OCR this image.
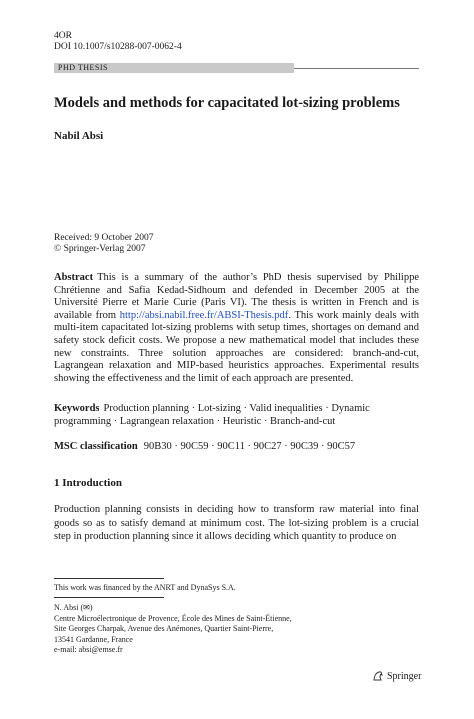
4OR
DOI 10.1007/s10288-007-0062-4
PHD THESIS
Models and methods for capacitated lot-sizing problems
Nabil Absi
Received: 9 October 2007
© Springer-Verlag 2007
Abstract This is a summary of the author’s PhD thesis supervised by Philippe Chrétienne and Safia Kedad-Sidhoum and defended in December 2005 at the Université Pierre et Marie Curie (Paris VI). The thesis is written in French and is available from http://absi.nabil.free.fr/ABSI-Thesis.pdf. This work mainly deals with multi-item capacitated lot-sizing problems with setup times, shortages on demand and safety stock deficit costs. We propose a new mathematical model that includes these new constraints. Three solution approaches are considered: branch-and-cut, Lagrangean relaxation and MIP-based heuristics approaches. Experimental results showing the effectiveness and the limit of each approach are presented.
Keywords Production planning · Lot-sizing · Valid inequalities · Dynamic programming · Lagrangean relaxation · Heuristic · Branch-and-cut
MSC classification 90B30 · 90C59 · 90C11 · 90C27 · 90C39 · 90C57
1 Introduction
Production planning consists in deciding how to transform raw material into final goods so as to satisfy demand at minimum cost. The lot-sizing problem is a crucial step in production planning since it allows deciding which quantity to produce on
This work was financed by the ANRT and DynaSys S.A.
N. Absi (✉)
Centre Microélectronique de Provence, École des Mines de Saint-Étienne,
Site Georges Charpak, Avenue des Anémones, Quartier Saint-Pierre,
13541 Gardanne, France
e-mail: absi@emse.fr
Springer
